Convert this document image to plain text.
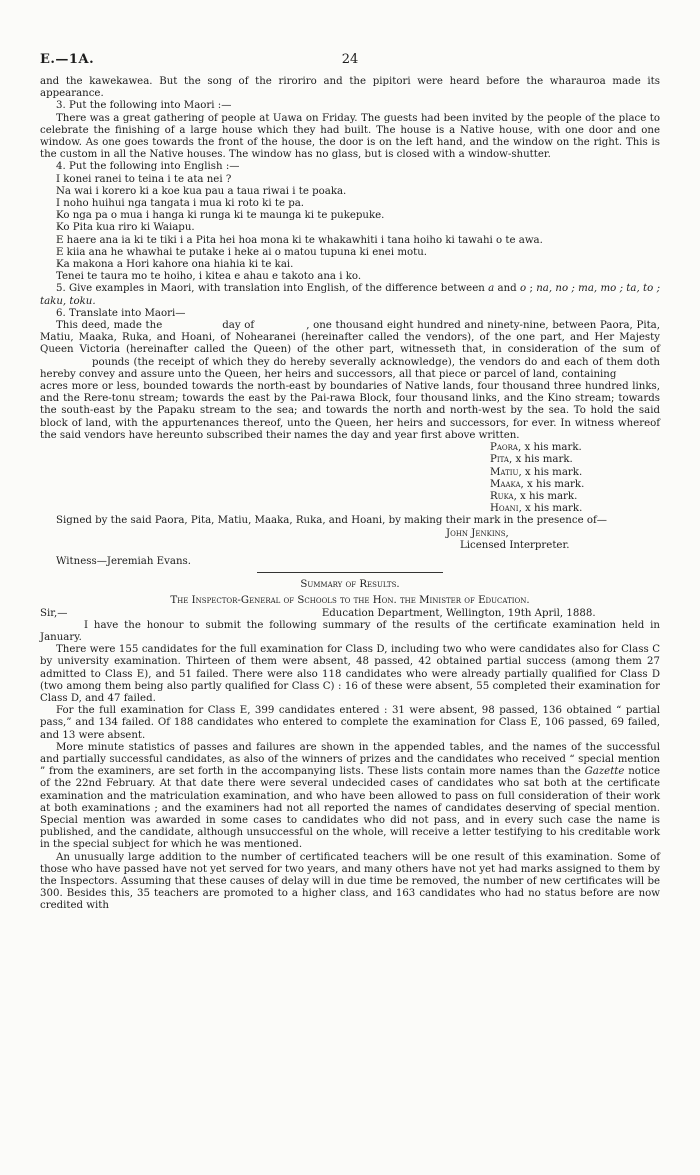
E.—1A.	24

and the kawekawea. But the song of the riroriro and the pipitori were heard before the wharauroa made its appearance.

3. Put the following into Maori :—

There was a great gathering of people at Uawa on Friday. The guests had been invited by the people of the place to celebrate the finishing of a large house which they had built. The house is a Native house, with one door and one window. As one goes towards the front of the house, the door is on the left hand, and the window on the right. This is the custom in all the Native houses. The window has no glass, but is closed with a window-shutter.

4. Put the following into English :—

I konei ranei to teina i te ata nei ?

Na wai i korero ki a koe kua pau a taua riwai i te poaka.

I noho huihui nga tangata i mua ki roto ki te pa.

Ko nga pa o mua i hanga ki runga ki te maunga ki te pukepuke.

Ko Pita kua riro ki Waiapu.

E haere ana ia ki te tiki i a Pita hei hoa mona ki te whakawhiti i tana hoiho ki tawahi o te awa.

E kiia ana he whawhai te putake i heke ai o matou tupuna ki enei motu.

Ka makona a Hori kahore ona hiahia ki te kai.

Tenei te taura mo te hoiho, i kitea e ahau e takoto ana i ko.

5. Give examples in Maori, with translation into English, of the difference between a and o ; na, no ; ma, mo ; ta, to ; taku, toku.

6. Translate into Maori—

This deed, made the	day of	, one thousand eight hundred and ninety-nine, between Paora, Pita, Matiu, Maaka, Ruka, and Hoani, of Nohearanei (hereinafter called the vendors), of the one part, and Her Majesty Queen Victoria (hereinafter called the Queen) of the other part, witnesseth that, in consideration of the sum ofpounds (the receipt of which they do hereby severally acknowledge), the vendors do and each of them doth hereby convey and assure unto the Queen, her heirs and successors, all that piece or parcel of land, containing

acres more or less, bounded towards the north-east by boundaries of Native lands, four thousand three hundred links, and the Rere-tonu stream; towards the east by the Pai-rawa Block, four thousand links, and the Kino stream; towards the south-east by the Papaku stream to the sea; and towards the north and north-west by the sea. To hold the said block of land, with the appurtenances thereof, unto the Queen, her heirs and successors, for ever. In witness whereof the said vendors have hereunto subscribed their names the day and year first above written.

Paora, x his mark.

Pita, x his mark.

Matiu, x his mark.

Maaka, x his mark.

Ruka, x his mark.

Hoani, x his mark.

Signed by the said Paora, Pita, Matiu, Maaka, Ruka, and Hoani, by making their mark in the presence of—

John Jenkins,

Licensed Interpreter.

Witness—Jeremiah Evans.

Summary of Results.

The Inspector-General of Schools to the Hon. the Minister of Education.

Sir,—	Education Department, Wellington, 19th April, 1888.

I have the honour to submit the following summary of the results of the certificate examination held in January.

There were 155 candidates for the full examination for Class D, including two who were candidates also for Class C by university examination. Thirteen of them were absent, 48 passed, 42 obtained partial success (among them 27 admitted to Class E), and 51 failed. There were also 118 candidates who were already partially qualified for Class D (two among them being also partly qualified for Class C) : 16 of these were absent, 55 completed their examination for Class D, and 47 failed.

For the full examination for Class E, 399 candidates entered : 31 were absent, 98 passed, 136 obtained “ partial pass,” and 134 failed. Of 188 candidates who entered to complete the examination for Class E, 106 passed, 69 failed, and 13 were absent.

More minute statistics of passes and failures are shown in the appended tables, and the names of the successful and partially successful candidates, as also of the winners of prizes and the candidates who received “ special mention ” from the examiners, are set forth in the accompanying lists. These lists contain more names than the Gazette notice of the 22nd February. At that date there were several undecided cases of candidates who sat both at the certificate examination and the matriculation examination, and who have been allowed to pass on full consideration of their work at both examinations ; and the examiners had not all reported the names of candidates deserving of special mention. Special mention was awarded in some cases to candidates who did not pass, and in every such case the name is published, and the candidate, although unsuccessful on the whole, will receive a letter testifying to his creditable work in the special subject for which he was mentioned.

An unusually large addition to the number of certificated teachers will be one result of this examination. Some of those who have passed have not yet served for two years, and many others have not yet had marks assigned to them by the Inspectors. Assuming that these causes of delay will in due time be removed, the number of new certificates will be 300. Besides this, 35 teachers are promoted to a higher class, and 163 candidates who had no status before are now credited with
